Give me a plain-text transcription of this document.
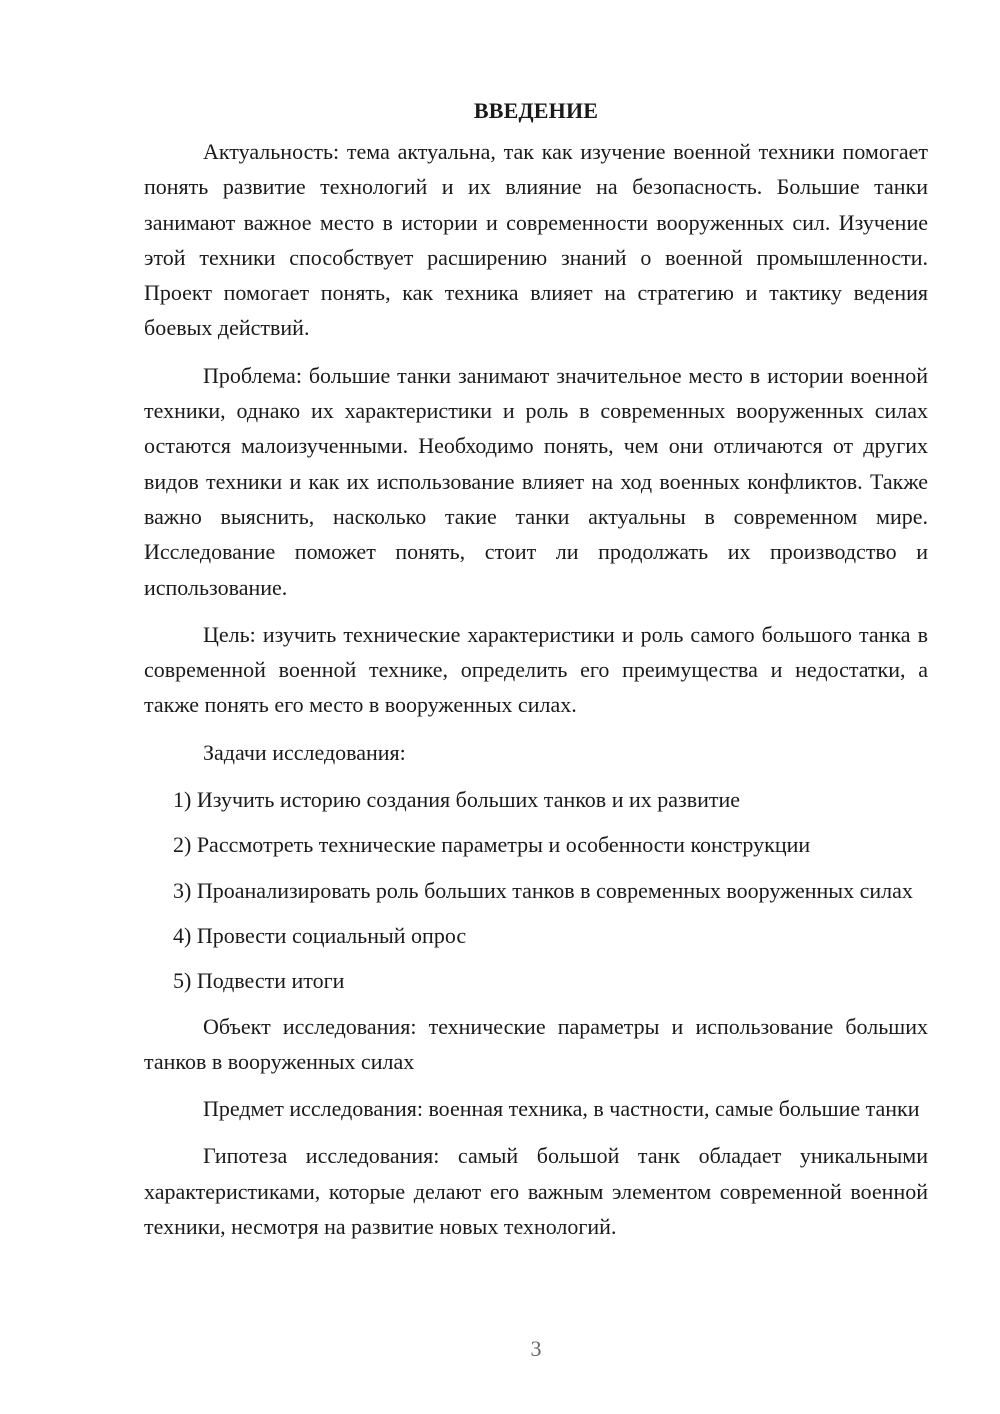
ВВЕДЕНИЕ

Актуальность: тема актуальна, так как изучение военной техники помогает понять развитие технологий и их влияние на безопасность. Большие танки занимают важное место в истории и современности вооруженных сил. Изучение этой техники способствует расширению знаний о военной промышленности. Проект помогает понять, как техника влияет на стратегию и тактику ведения боевых действий.

Проблема: большие танки занимают значительное место в истории военной техники, однако их характеристики и роль в современных вооруженных силах остаются малоизученными. Необходимо понять, чем они отличаются от других видов техники и как их использование влияет на ход военных конфликтов. Также важно выяснить, насколько такие танки актуальны в современном мире. Исследование поможет понять, стоит ли продолжать их производство и использование.

Цель: изучить технические характеристики и роль самого большого танка в современной военной технике, определить его преимущества и недостатки, а также понять его место в вооруженных силах.

Задачи исследования:

1) Изучить историю создания больших танков и их развитие

2) Рассмотреть технические параметры и особенности конструкции

3) Проанализировать роль больших танков в современных вооруженных силах

4) Провести социальный опрос

5) Подвести итоги

Объект исследования: технические параметры и использование больших танков в вооруженных силах

Предмет исследования: военная техника, в частности, самые большие танки

Гипотеза исследования: самый большой танк обладает уникальными характеристиками, которые делают его важным элементом современной военной техники, несмотря на развитие новых технологий.

3
